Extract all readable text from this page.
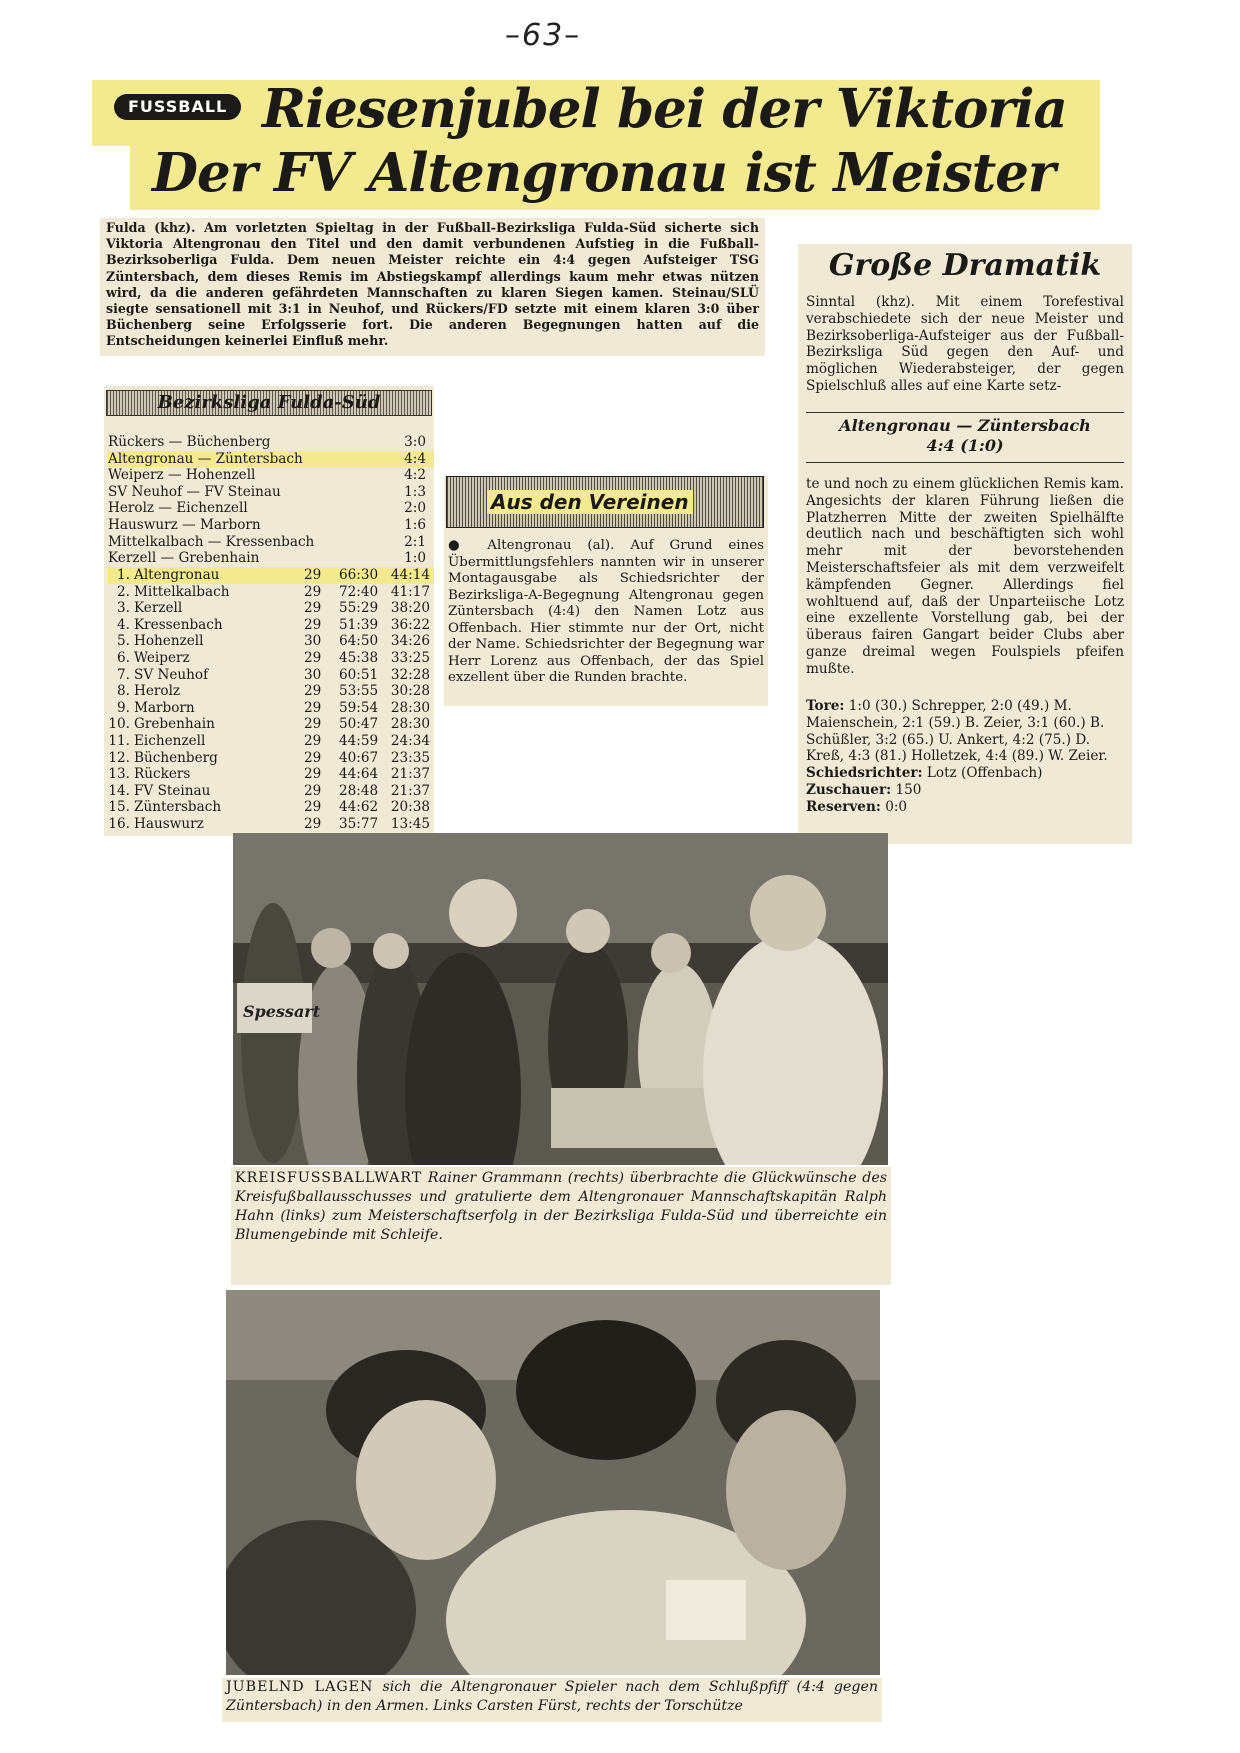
–63–
FUSSBALL Riesenjubel bei der Viktoria
Der FV Altengronau ist Meister
Fulda (khz). Am vorletzten Spieltag in der Fußball-Bezirksliga Fulda-Süd sicherte sich Viktoria Altengronau den Titel und den damit verbundenen Aufstieg in die Fußball-Bezirksoberliga Fulda. Dem neuen Meister reichte ein 4:4 gegen Aufsteiger TSG Züntersbach, dem dieses Remis im Abstiegskampf allerdings kaum mehr etwas nützen wird, da die anderen gefährdeten Mannschaften zu klaren Siegen kamen. Steinau/SLÜ siegte sensationell mit 3:1 in Neuhof, und Rückers/FD setzte mit einem klaren 3:0 über Büchenberg seine Erfolgsserie fort. Die anderen Begegnungen hatten auf die Entscheidungen keinerlei Einfluß mehr.
Bezirksliga Fulda-Süd
Rückers — Büchenberg	3:0
Altengronau — Züntersbach	4:4
Weiperz — Hohenzell	4:2
SV Neuhof — FV Steinau	1:3
Herolz — Eichenzell	2:0
Hauswurz — Marborn	1:6
Mittelkalbach — Kressenbach	2:1
Kerzell — Grebenhain	1:0
1. Altengronau	29 66:30 44:14
2. Mittelkalbach	29 72:40 41:17
3. Kerzell	29 55:29 38:20
4. Kressenbach	29 51:39 36:22
5. Hohenzell	30 64:50 34:26
6. Weiperz	29 45:38 33:25
7. SV Neuhof	30 60:51 32:28
8. Herolz	29 53:55 30:28
9. Marborn	29 59:54 28:30
10. Grebenhain	29 50:47 28:30
11. Eichenzell	29 44:59 24:34
12. Büchenberg	29 40:67 23:35
13. Rückers	29 44:64 21:37
14. FV Steinau	29 28:48 21:37
15. Züntersbach	29 44:62 20:38
16. Hauswurz	29 35:77 13:45
Aus den Vereinen
● Altengronau (al). Auf Grund eines Übermittlungsfehlers nannten wir in unserer Montagausgabe als Schiedsrichter der Bezirksliga-A-Begegnung Altengronau gegen Züntersbach (4:4) den Namen Lotz aus Offenbach. Hier stimmte nur der Ort, nicht der Name. Schiedsrichter der Begegnung war Herr Lorenz aus Offenbach, der das Spiel exzellent über die Runden brachte.
Große Dramatik
Sinntal (khz). Mit einem Torefestival verabschiedete sich der neue Meister und Bezirksoberliga-Aufsteiger aus der Fußball-Bezirksliga Süd gegen den Auf- und möglichen Wiederabsteiger, der gegen Spielschluß alles auf eine Karte setz-
Altengronau — Züntersbach
4:4 (1:0)
te und noch zu einem glücklichen Remis kam. Angesichts der klaren Führung ließen die Platzherren Mitte der zweiten Spielhälfte deutlich nach und beschäftigten sich wohl mehr mit der bevorstehenden Meisterschaftsfeier als mit dem verzweifelt kämpfenden Gegner. Allerdings fiel wohltuend auf, daß der Unparteiische Lotz eine exzellente Vorstellung gab, bei der überaus fairen Gangart beider Clubs aber ganze dreimal wegen Foulspiels pfeifen mußte.
Tore: 1:0 (30.) Schrepper, 2:0 (49.) M. Maienschein, 2:1 (59.) B. Zeier, 3:1 (60.) B. Schüßler, 3:2 (65.) U. Ankert, 4:2 (75.) D. Kreß, 4:3 (81.) Holletzek, 4:4 (89.) W. Zeier.
Schiedsrichter: Lotz (Offenbach)
Zuschauer: 150
Reserven: 0:0
Spessart
KREISFUSSBALLWART Rainer Grammann (rechts) überbrachte die Glückwünsche des Kreisfußballausschusses und gratulierte dem Altengronauer Mannschaftskapitän Ralph Hahn (links) zum Meisterschaftserfolg in der Bezirksliga Fulda-Süd und überreichte ein Blumengebinde mit Schleife.
JUBELND LAGEN sich die Altengronauer Spieler nach dem Schlußpfiff (4:4 gegen Züntersbach) in den Armen. Links Carsten Fürst, rechts der Torschütze
